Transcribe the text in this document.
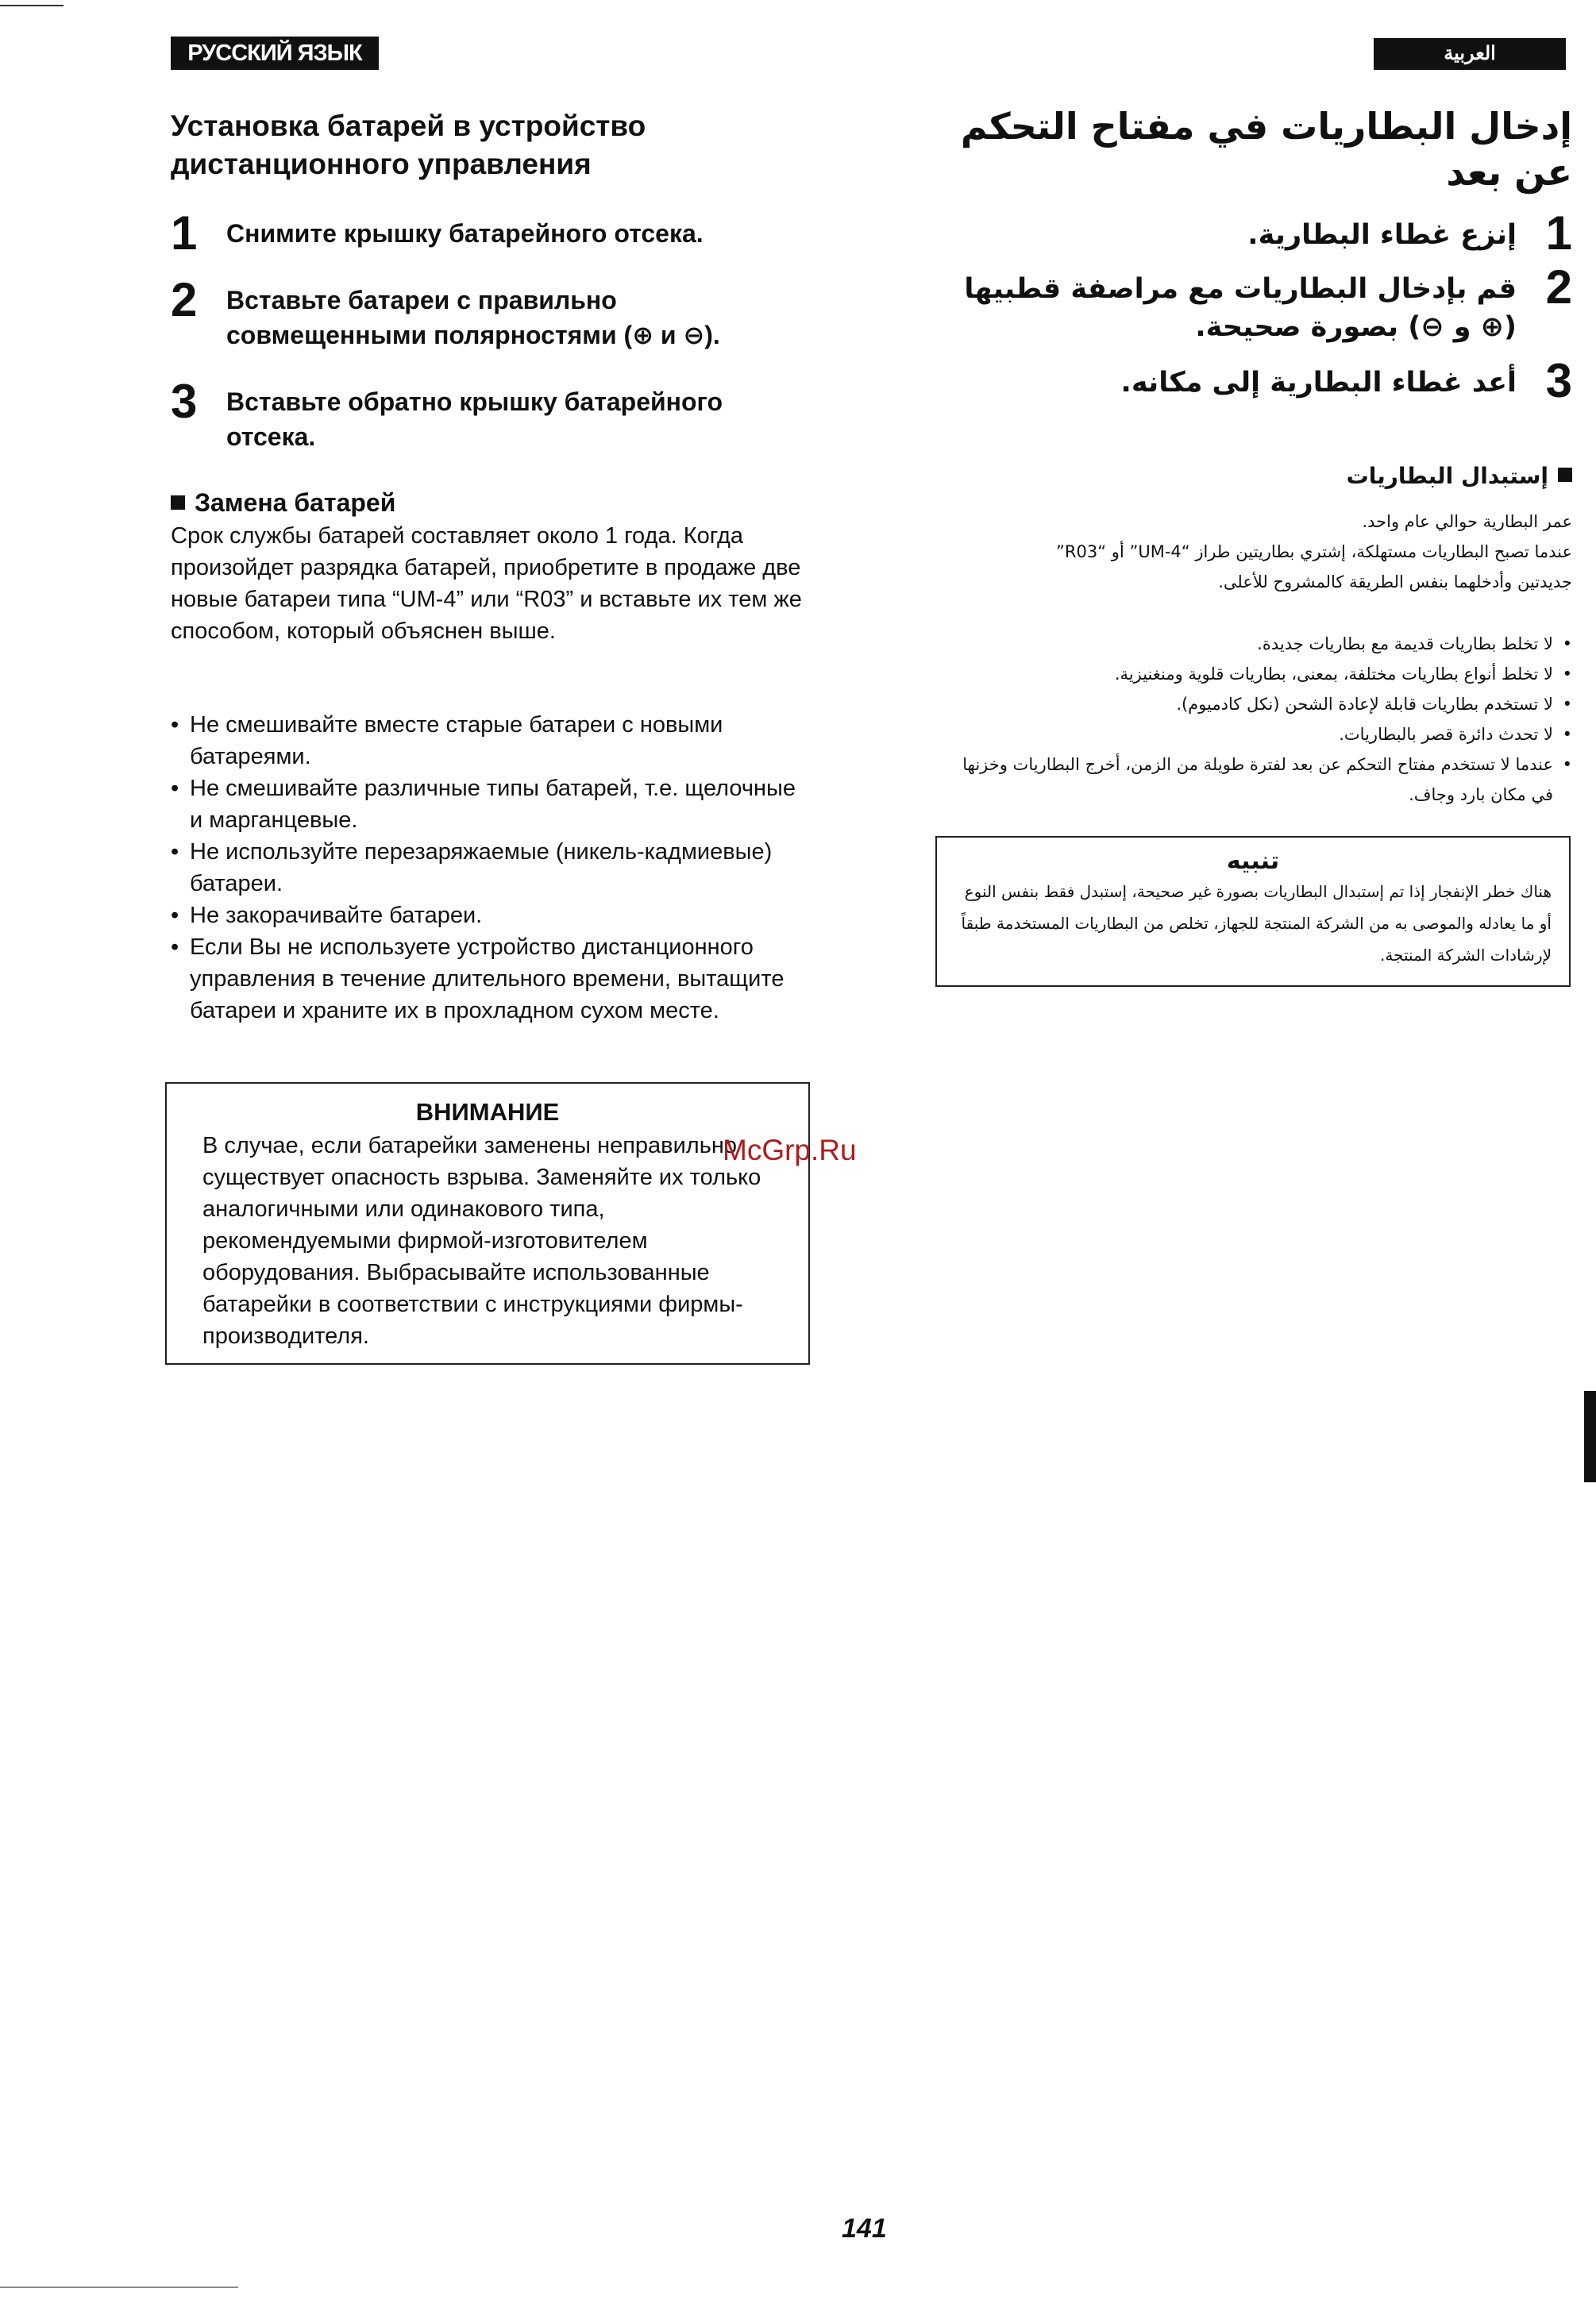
РУССКИЙ ЯЗЫК	العربية
Установка батарей в устройство дистанционного управления
1 Снимите крышку батарейного отсека.
2 Вставьте батареи с правильно совмещенными полярностями (⊕ и ⊖).
3 Вставьте обратно крышку батарейного отсека.
Замена батарей
Срок службы батарей составляет около 1 года. Когда произойдет разрядка батарей, приобретите в продаже две новые батареи типа “UM-4” или “R03” и вставьте их тем же способом, который объяснен выше.
• Не смешивайте вместе старые батареи с новыми батареями.
• Не смешивайте различные типы батарей, т.е. щелочные и марганцевые.
• Не используйте перезаряжаемые (никель-кадмиевые) батареи.
• Не закорачивайте батареи.
• Если Вы не используете устройство дистанционного управления в течение длительного времени, вытащите батареи и храните их в прохладном сухом месте.
ВНИМАНИЕ
В случае, если батарейки заменены неправильно существует опасность взрыва. Заменяйте их только аналогичными или одинакового типа, рекомендуемыми фирмой-изготовителем оборудования. Выбрасывайте использованные батарейки в соответствии с инструкциями фирмы-производителя.
إدخال البطاريات في مفتاح التحكم عن بعد
1
إنزع غطاء البطارية.
2
قم بإدخال البطاريات مع مراصفة قطبيها (⊕ و ⊖) بصورة صحيحة.
3
أعد غطاء البطارية إلى مكانه.
إستبدال البطاريات
عمر البطارية حوالي عام واحد.
عندما تصبح البطاريات مستهلكة، إشتري بطاريتين طراز “UM-4” أو “R03”
جديدتين وأدخلهما بنفس الطريقة كالمشروح للأعلى.
• لا تخلط بطاريات قديمة مع بطاريات جديدة.
• لا تخلط أنواع بطاريات مختلفة، بمعنى، بطاريات قلوية ومنغنيزية.
• لا تستخدم بطاريات قابلة لإعادة الشحن (نكل كادميوم).
• لا تحدث دائرة قصر بالبطاريات.
• عندما لا تستخدم مفتاح التحكم عن بعد لفترة طويلة من الزمن، أخرج البطاريات وخزنها في مكان بارد وجاف.
تنبيه
هناك خطر الإنفجار إذا تم إستبدال البطاريات بصورة غير صحيحة، إستبدل فقط بنفس النوع أو ما يعادله والموصى به من الشركة المنتجة للجهاز، تخلص من البطاريات المستخدمة طبقاً لإرشادات الشركة المنتجة.
McGrp.Ru
141
